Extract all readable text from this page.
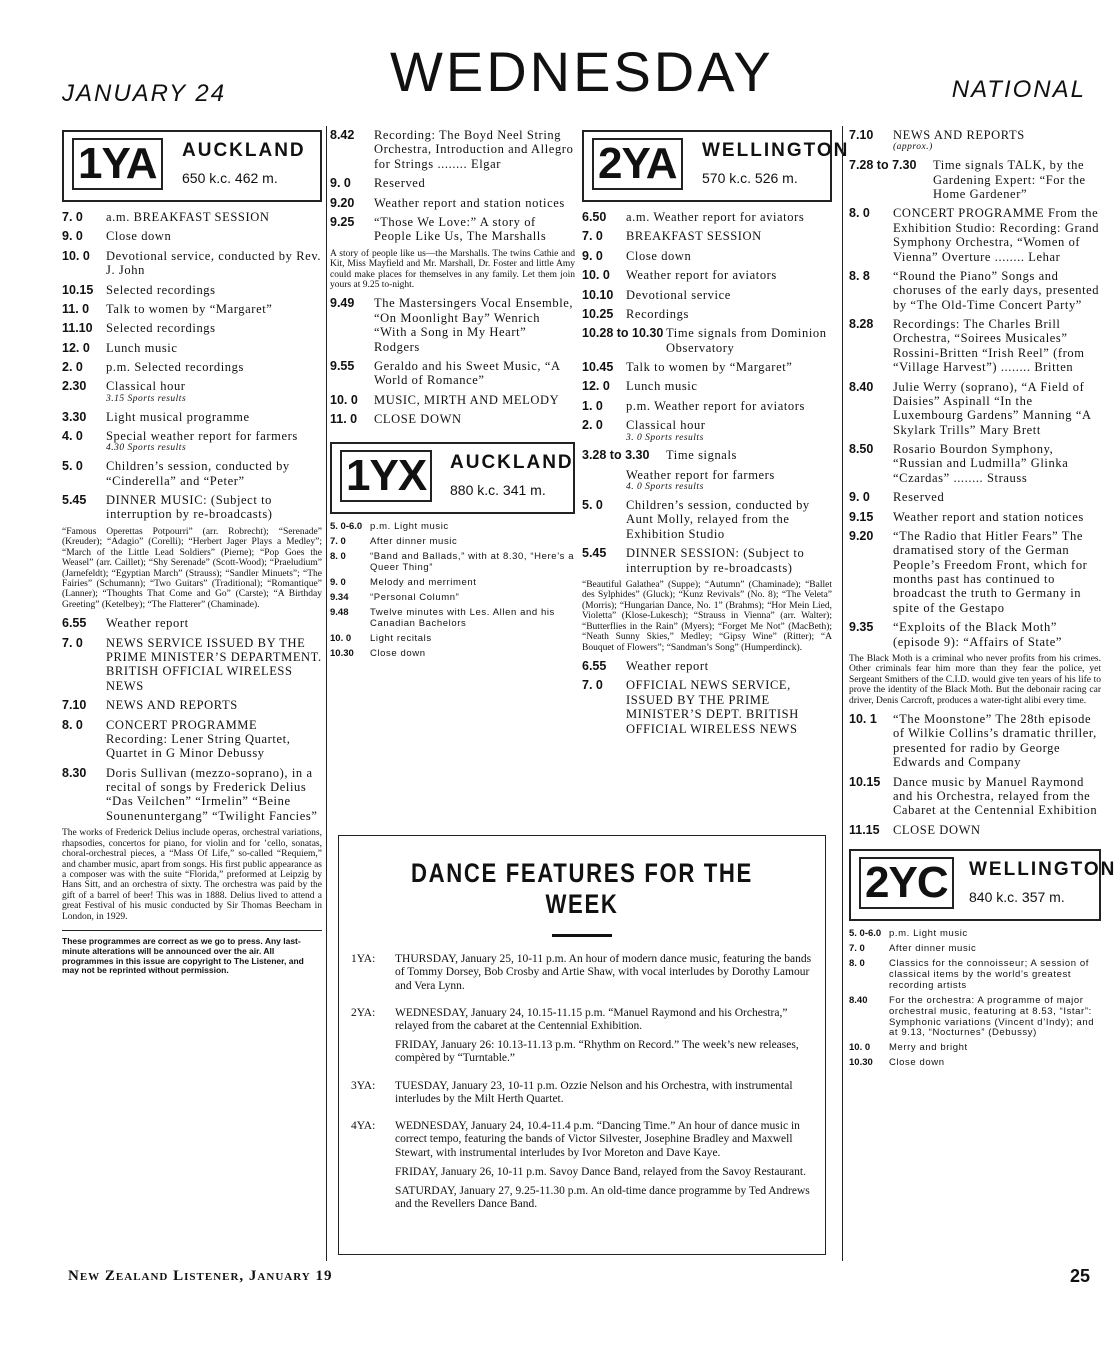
JANUARY 24	WEDNESDAY	NATIONAL
1YA	AUCKLAND
650 k.c. 462 m.
7. 0	a.m. BREAKFAST SESSION
9. 0	Close down
10. 0	Devotional service, conducted by Rev. J. John
10.15	Selected recordings
11. 0	Talk to women by “Margaret”
11.10	Selected recordings
12. 0	Lunch music
2. 0	p.m. Selected recordings
2.30	Classical hour
3.15 Sports results
3.30	Light musical programme
4. 0	Special weather report for farmers
4.30 Sports results
5. 0	Children’s session, conducted by “Cinderella” and “Peter”
5.45	DINNER MUSIC: (Subject to interruption by re-broadcasts)
“Famous Operettas Potpourri” (arr. Robrecht); “Serenade” (Kreuder); “Adagio” (Corelli); “Herbert Jager Plays a Medley”; “March of the Little Lead Soldiers” (Pierne); “Pop Goes the Weasel” (arr. Caillet); “Shy Serenade” (Scott-Wood); “Praeludium” (Jarnefeldt); “Egyptian March” (Strauss); “Sandler Minuets”; “The Fairies” (Schumann); “Two Guitars” (Traditional); “Romantique” (Lanner); “Thoughts That Come and Go” (Carste); “A Birthday Greeting” (Ketelbey); “The Flatterer” (Chaminade).
6.55	Weather report
7. 0	NEWS SERVICE ISSUED BY THE PRIME MINISTER’S DEPARTMENT. BRITISH OFFICIAL WIRELESS NEWS
7.10	NEWS AND REPORTS
8. 0	CONCERT PROGRAMME Recording: Lener String Quartet, Quartet in G Minor Debussy
8.30	Doris Sullivan (mezzo-soprano), in a recital of songs by Frederick Delius “Das Veilchen” “Irmelin” “Beine Sounenuntergang” “Twilight Fancies”
The works of Frederick Delius include operas, orchestral variations, rhapsodies, concertos for piano, for violin and for ’cello, sonatas, choral-orchestral pieces, a “Mass Of Life,” so-called “Requiem,” and chamber music, apart from songs. His first public appearance as a composer was with the suite “Florida,” preformed at Leipzig by Hans Sitt, and an orchestra of sixty. The orchestra was paid by the gift of a barrel of beer! This was in 1888. Delius lived to attend a great Festival of his music conducted by Sir Thomas Beecham in London, in 1929.
These programmes are correct as we go to press. Any last-minute alterations will be announced over the air. All programmes in this issue are copyright to The Listener, and may not be reprinted without permission.
8.42	Recording: The Boyd Neel String Orchestra, Introduction and Allegro for Strings ........ Elgar
9. 0	Reserved
9.20	Weather report and station notices
9.25	“Those We Love:” A story of People Like Us, The Marshalls
A story of people like us—the Marshalls. The twins Cathie and Kit, Miss Mayfield and Mr. Marshall, Dr. Foster and little Amy could make places for themselves in any family. Let them join yours at 9.25 to-night.
9.49	The Mastersingers Vocal Ensemble, “On Moonlight Bay” Wenrich “With a Song in My Heart” Rodgers
9.55	Geraldo and his Sweet Music, “A World of Romance”
10. 0	MUSIC, MIRTH AND MELODY
11. 0	CLOSE DOWN
1YX	AUCKLAND
880 k.c. 341 m.
5. 0-6.0 p.m. Light music
7. 0	After dinner music
8. 0	“Band and Ballads,” with at 8.30, “Here’s a Queer Thing”
9. 0	Melody and merriment
9.34	“Personal Column”
9.48	Twelve minutes with Les. Allen and his Canadian Bachelors
10. 0	Light recitals
10.30	Close down
2YA	WELLINGTON
570 k.c. 526 m.
6.50	a.m. Weather report for aviators
7. 0	BREAKFAST SESSION
9. 0	Close down
10. 0	Weather report for aviators
10.10	Devotional service
10.25	Recordings
10.28 to 10.30 Time signals from Dominion Observatory
10.45	Talk to women by “Margaret”
12. 0	Lunch music
1. 0	p.m. Weather report for aviators
2. 0	Classical hour
3. 0 Sports results
3.28 to 3.30	Time signals
Weather report for farmers
4. 0 Sports results
5. 0	Children’s session, conducted by Aunt Molly, relayed from the Exhibition Studio
5.45	DINNER SESSION: (Subject to interruption by re-broadcasts)
“Beautiful Galathea” (Suppe); “Autumn” (Chaminade); “Ballet des Sylphides” (Gluck); “Kunz Revivals” (No. 8); “The Veleta” (Morris); “Hungarian Dance, No. 1” (Brahms); “Hor Mein Lied, Violetta” (Klose-Lukesch); “Strauss in Vienna” (arr. Walter); “Butterflies in the Rain” (Myers); “Forget Me Not” (MacBeth); “Neath Sunny Skies,” Medley; “Gipsy Wine” (Ritter); “A Bouquet of Flowers”; “Sandman’s Song” (Humperdinck).
6.55	Weather report
7. 0	OFFICIAL NEWS SERVICE, ISSUED BY THE PRIME MINISTER’S DEPT. BRITISH OFFICIAL WIRELESS NEWS
7.10	NEWS AND REPORTS
(approx.)
7.28 to 7.30	Time signals TALK, by the Gardening Expert: “For the Home Gardener”
8. 0	CONCERT PROGRAMME From the Exhibition Studio: Recording: Grand Symphony Orchestra, “Women of Vienna” Overture ........ Lehar
8. 8	“Round the Piano” Songs and choruses of the early days, presented by “The Old-Time Concert Party”
8.28	Recordings: The Charles Brill Orchestra, “Soirees Musicales” Rossini-Britten “Irish Reel” (from “Village Harvest”) ........ Britten
8.40	Julie Werry (soprano), “A Field of Daisies” Aspinall “In the Luxembourg Gardens” Manning “A Skylark Trills” Mary Brett
8.50	Rosario Bourdon Symphony, “Russian and Ludmilla” Glinka “Czardas” ........ Strauss
9. 0	Reserved
9.15	Weather report and station notices
9.20	“The Radio that Hitler Fears” The dramatised story of the German People’s Freedom Front, which for months past has continued to broadcast the truth to Germany in spite of the Gestapo
9.35	“Exploits of the Black Moth” (episode 9): “Affairs of State”
The Black Moth is a criminal who never profits from his crimes. Other criminals fear him more than they fear the police, yet Sergeant Smithers of the C.I.D. would give ten years of his life to prove the identity of the Black Moth. But the debonair racing car driver, Denis Carcroft, produces a water-tight alibi every time.
10. 1	“The Moonstone” The 28th episode of Wilkie Collins’s dramatic thriller, presented for radio by George Edwards and Company
10.15	Dance music by Manuel Raymond and his Orchestra, relayed from the Cabaret at the Centennial Exhibition
11.15	CLOSE DOWN
2YC	WELLINGTON
840 k.c. 357 m.
5. 0-6.0 p.m. Light music
7. 0	After dinner music
8. 0	Classics for the connoisseur; A session of classical items by the world’s greatest recording artists
8.40	For the orchestra: A programme of major orchestral music, featuring at 8.53, “Istar”: Symphonic variations (Vincent d’Indy); and at 9.13, “Nocturnes” (Debussy)
10. 0	Merry and bright
10.30	Close down
DANCE FEATURES FOR THE WEEK
1YA:	THURSDAY, January 25, 10-11 p.m. An hour of modern dance music, featuring the bands of Tommy Dorsey, Bob Crosby and Artie Shaw, with vocal interludes by Dorothy Lamour and Vera Lynn.

2YA:	WEDNESDAY, January 24, 10.15-11.15 p.m. “Manuel Raymond and his Orchestra,” relayed from the cabaret at the Centennial Exhibition.

FRIDAY, January 26: 10.13-11.13 p.m. “Rhythm on Record.” The week’s new releases, compèred by “Turntable.”

3YA:	TUESDAY, January 23, 10-11 p.m. Ozzie Nelson and his Orchestra, with instrumental interludes by the Milt Herth Quartet.

4YA:	WEDNESDAY, January 24, 10.4-11.4 p.m. “Dancing Time.” An hour of dance music in correct tempo, featuring the bands of Victor Silvester, Josephine Bradley and Maxwell Stewart, with instrumental interludes by Ivor Moreton and Dave Kaye.

FRIDAY, January 26, 10-11 p.m. Savoy Dance Band, relayed from the Savoy Restaurant.

SATURDAY, January 27, 9.25-11.30 p.m. An old-time dance programme by Ted Andrews and the Revellers Dance Band.

New Zealand Listener, January 19	25
